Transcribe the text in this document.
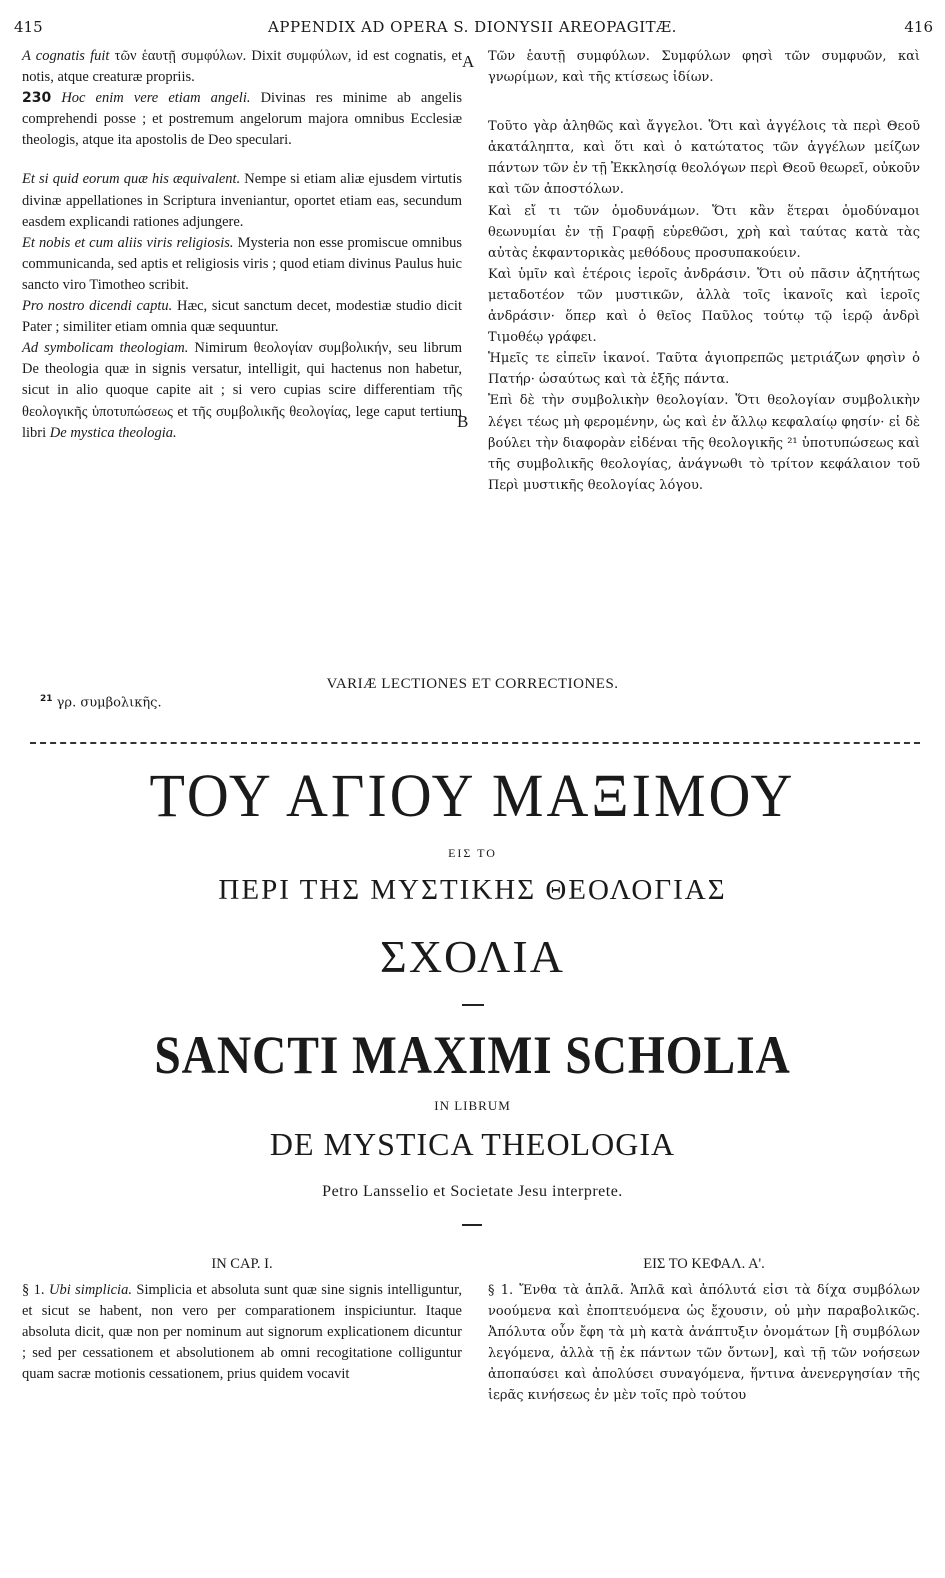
415	APPENDIX AD OPERA S. DIONYSII AREOPAGITÆ.	416
A
B

A cognatis fuit τῶν ἑαυτῇ συμφύλων. Dixit συμφύλων, id est cognatis, et notis, atque creaturæ propriis.

230 Hoc enim vere etiam angeli. Divinas res minime ab angelis comprehendi posse ; et postremum angelorum majora omnibus Ecclesiæ theologis, atque ita apostolis de Deo speculari.

Et si quid eorum quæ his æquivalent. Nempe si etiam aliæ ejusdem virtutis divinæ appellationes in Scriptura inveniantur, oportet etiam eas, secundum easdem explicandi rationes adjungere.

Et nobis et cum aliis viris religiosis. Mysteria non esse promiscue omnibus communicanda, sed aptis et religiosis viris ; quod etiam divinus Paulus huic sancto viro Timotheo scribit.

Pro nostro dicendi captu. Hæc, sicut sanctum decet, modestiæ studio dicit Pater ; similiter etiam omnia quæ sequuntur.

Ad symbolicam theologiam. Nimirum θεολογίαν συμβολικήν, seu librum De theologia quæ in signis versatur, intelligit, qui hactenus non habetur, sicut in alio quoque capite ait ; si vero cupias scire differentiam τῆς θεολογικῆς ὑποτυπώσεως et τῆς συμβολικῆς θεολογίας, lege caput tertium libri De mystica theologia.

Τῶν ἑαυτῇ συμφύλων. Συμφύλων φησὶ τῶν συμφυῶν, καὶ γνωρίμων, καὶ τῆς κτίσεως ἰδίων.

Τοῦτο γὰρ ἀληθῶς καὶ ἄγγελοι. Ὅτι καὶ ἀγγέλοις τὰ περὶ Θεοῦ ἀκατάληπτα, καὶ ὅτι καὶ ὁ κατώτατος τῶν ἀγγέλων μείζων πάντων τῶν ἐν τῇ Ἐκκλησίᾳ θεολόγων περὶ Θεοῦ θεωρεῖ, οὐκοῦν καὶ τῶν ἀποστόλων.

Καὶ εἴ τι τῶν ὁμοδυνάμων. Ὅτι κἂν ἕτεραι ὁμοδύναμοι θεωνυμίαι ἐν τῇ Γραφῇ εὑρεθῶσι, χρὴ καὶ ταύτας κατὰ τὰς αὐτὰς ἐκφαντορικὰς μεθόδους προσυπακούειν.

Καὶ ὑμῖν καὶ ἑτέροις ἱεροῖς ἀνδράσιν. Ὅτι οὐ πᾶσιν ἀζητήτως μεταδοτέον τῶν μυστικῶν, ἀλλὰ τοῖς ἱκανοῖς καὶ ἱεροῖς ἀνδράσιν· ὅπερ καὶ ὁ θεῖος Παῦλος τούτῳ τῷ ἱερῷ ἀνδρὶ Τιμοθέῳ γράφει.

Ἡμεῖς τε εἰπεῖν ἱκανοί. Ταῦτα ἁγιοπρεπῶς μετριάζων φησὶν ὁ Πατήρ· ὡσαύτως καὶ τὰ ἑξῆς πάντα.

Ἐπὶ δὲ τὴν συμβολικὴν θεολογίαν. Ὅτι θεολογίαν συμβολικὴν λέγει τέως μὴ φερομένην, ὡς καὶ ἐν ἄλλῳ κεφαλαίῳ φησίν· εἰ δὲ βούλει τὴν διαφορὰν εἰδέναι τῆς θεολογικῆς ²¹ ὑποτυπώσεως καὶ τῆς συμβολικῆς θεολογίας, ἀνάγνωθι τὸ τρίτον κεφάλαιον τοῦ Περὶ μυστικῆς θεολογίας λόγου.

VARIÆ LECTIONES ET CORRECTIONES.
$^{21}$ γρ. συμβολικῆς.
ΤΟΥ ΑΓΙΟΥ ΜΑΞΙΜΟΥ
ΕΙΣ ΤΟ
ΠΕΡΙ ΤΗΣ ΜΥΣΤΙΚΗΣ ΘΕΟΛΟΓΙΑΣ
ΣΧΟΛΙΑ
SANCTI MAXIMI SCHOLIA
IN LIBRUM
DE MYSTICA THEOLOGIA
Petro Lansselio et Societate Jesu interprete.
IN CAP. I.	ΕΙΣ ΤΟ ΚΕΦΑΛ. Α'.

§ 1. Ubi simplicia. Simplicia et absoluta sunt quæ sine signis intelliguntur, et sicut se habent, non vero per comparationem inspiciuntur. Itaque absoluta dicit, quæ non per nominum aut signorum explicationem dicuntur ; sed per cessationem et absolutionem ab omni recogitatione colliguntur quam sacræ motionis cessationem, prius quidem vocavit

§ 1. Ἔνθα τὰ ἁπλᾶ. Ἁπλᾶ καὶ ἀπόλυτά εἰσι τὰ δίχα συμβόλων νοούμενα καὶ ἐποπτευόμενα ὡς ἔχουσιν, οὐ μὴν παραβολικῶς. Ἀπόλυτα οὖν ἔφη τὰ μὴ κατὰ ἀνάπτυξιν ὀνομάτων [ἢ συμβόλων λεγόμενα, ἀλλὰ τῇ ἐκ πάντων τῶν ὄντων], καὶ τῇ τῶν νοήσεων ἀποπαύσει καὶ ἀπολύσει συναγόμενα, ἥντινα ἀνενεργησίαν τῆς ἱερᾶς κινήσεως ἐν μὲν τοῖς πρὸ τούτου
